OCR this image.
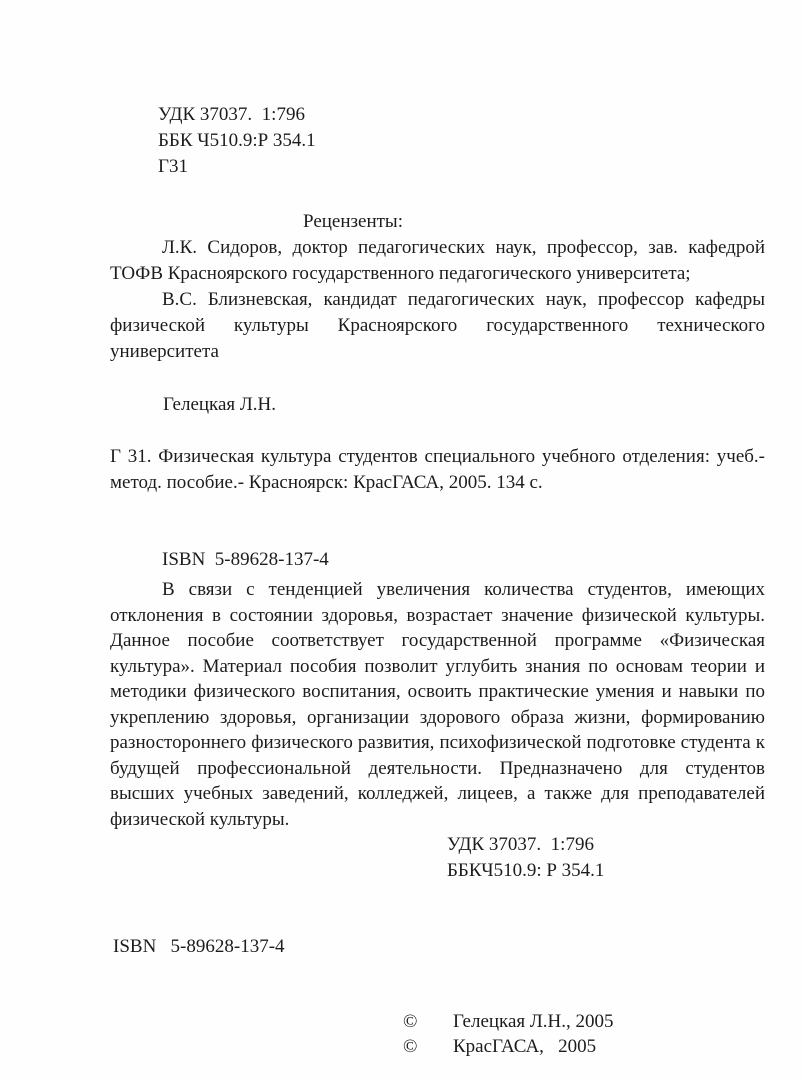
УДК 37037.  1:796
ББК Ч510.9:Р 354.1
Г31
Рецензенты:

Л.К. Сидоров, доктор педагогических наук, профессор, зав. кафедрой ТОФВ Красноярского государственного педагогического университета;

В.С. Близневская, кандидат педагогических наук, профессор кафедры физической культуры Красноярского государственного технического университета

Гелецкая Л.Н.

Г 31. Физическая культура студентов специального учебного отделения: учеб.-метод. пособие.- Красноярск: КрасГАСА, 2005. 134 с.

ISBN  5-89628-137-4

В связи с тенденцией увеличения количества студентов, имеющих отклонения в состоянии здоровья, возрастает значение физической культуры. Данное пособие соответствует государственной программе «Физическая культура». Материал пособия позволит углубить знания по основам теории и методики физического воспитания, освоить практические умения и навыки по укреплению здоровья, организации здорового образа жизни, формированию разностороннего физического развития, психофизической подготовке студента к будущей профессиональной деятельности. Предназначено для студентов высших учебных заведений, колледжей, лицеев, а также для преподавателей физической культуры.

УДК 37037.  1:796
ББКЧ510.9: Р 354.1
ISBN   5-89628-137-4
©	Гелецкая Л.Н., 2005
©	КрасГАСА,   2005
